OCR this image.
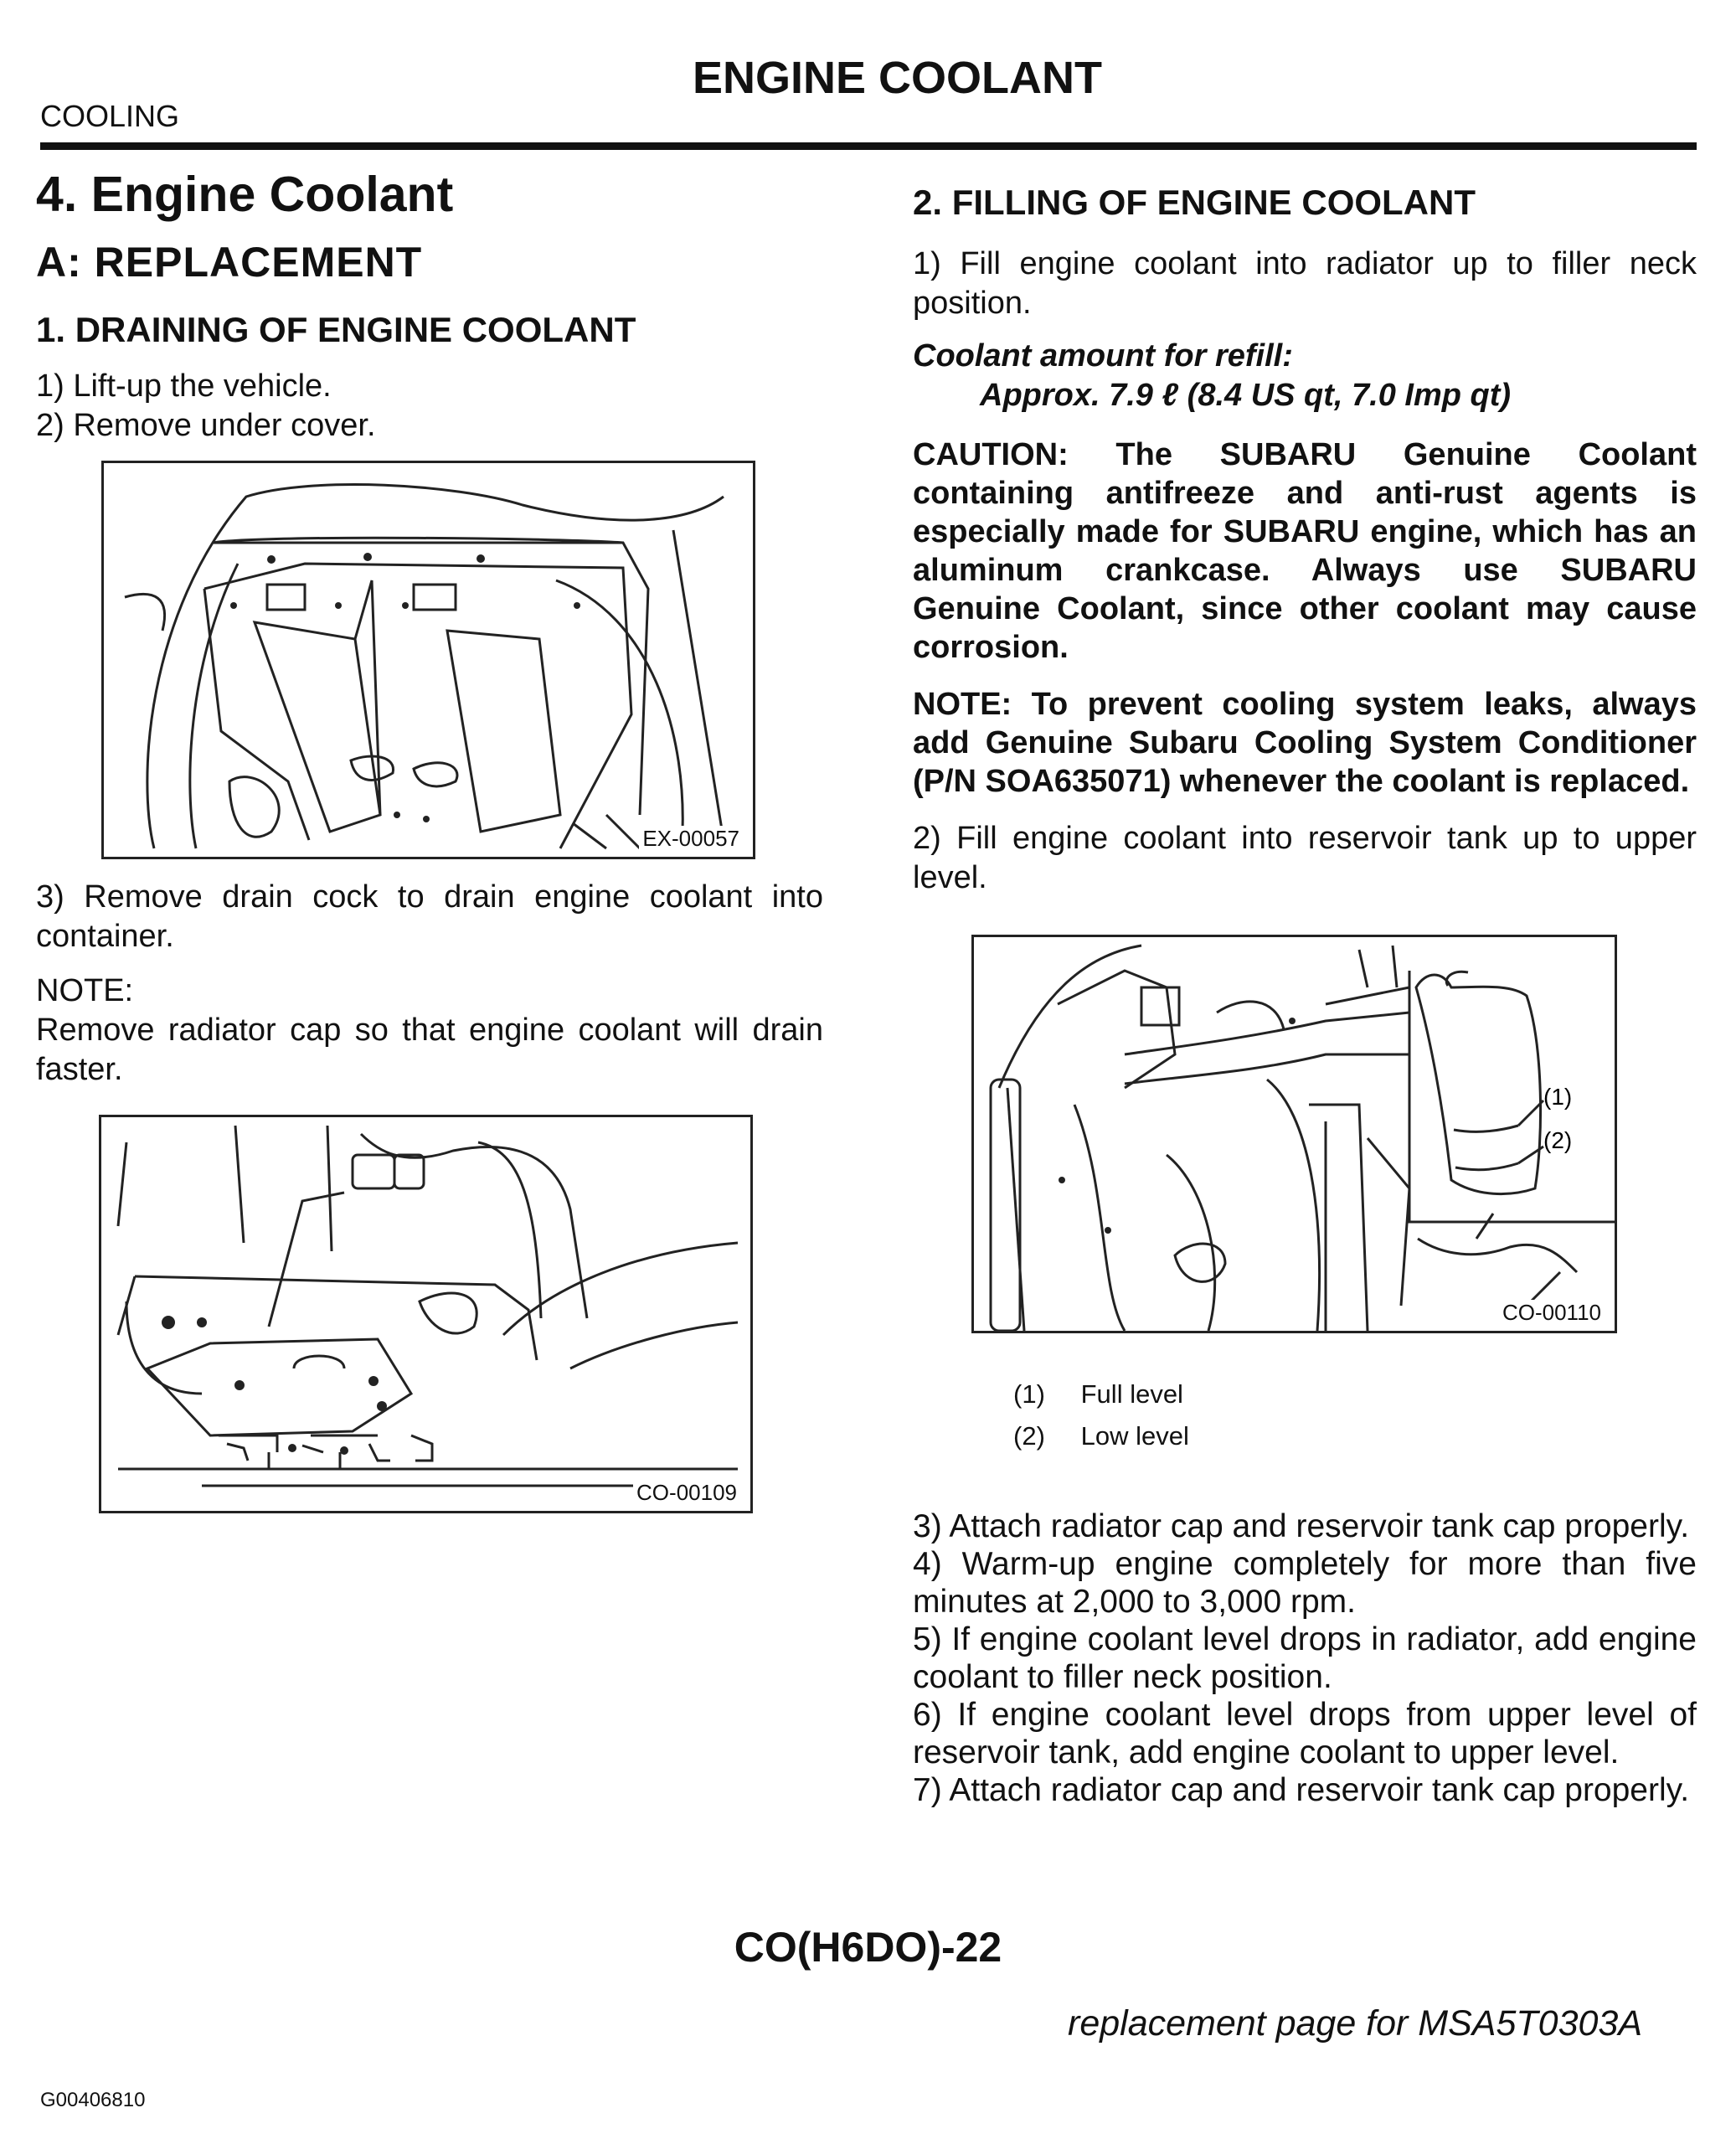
COOLING
ENGINE COOLANT
4. Engine Coolant
A: REPLACEMENT
1. DRAINING OF ENGINE COOLANT

1) Lift-up the vehicle.

2) Remove under cover.

EX-00057

3) Remove drain cock to drain engine coolant into container.

NOTE:

Remove radiator cap so that engine coolant will drain faster.

CO-00109
2. FILLING OF ENGINE COOLANT

1) Fill engine coolant into radiator up to filler neck position.

Coolant amount for refill:

Approx. 7.9 ℓ (8.4 US qt, 7.0 Imp qt)

CAUTION: The SUBARU Genuine Coolant containing antifreeze and anti-rust agents is especially made for SUBARU engine, which has an aluminum crankcase. Always use SUBARU Genuine Coolant, since other coolant may cause corrosion.

NOTE: To prevent cooling system leaks, always add Genuine Subaru Cooling System Conditioner (P/N SOA635071) whenever the coolant is replaced.

2) Fill engine coolant into reservoir tank up to upper level.

(1)
(2)
CO-00110
(1) Full level
(2) Low level

3) Attach radiator cap and reservoir tank cap properly.

4) Warm-up engine completely for more than five minutes at 2,000 to 3,000 rpm.

5) If engine coolant level drops in radiator, add engine coolant to filler neck position.

6) If engine coolant level drops from upper level of reservoir tank, add engine coolant to upper level.

7) Attach radiator cap and reservoir tank cap properly.

CO(H6DO)-22
replacement page for MSA5T0303A
G00406810
